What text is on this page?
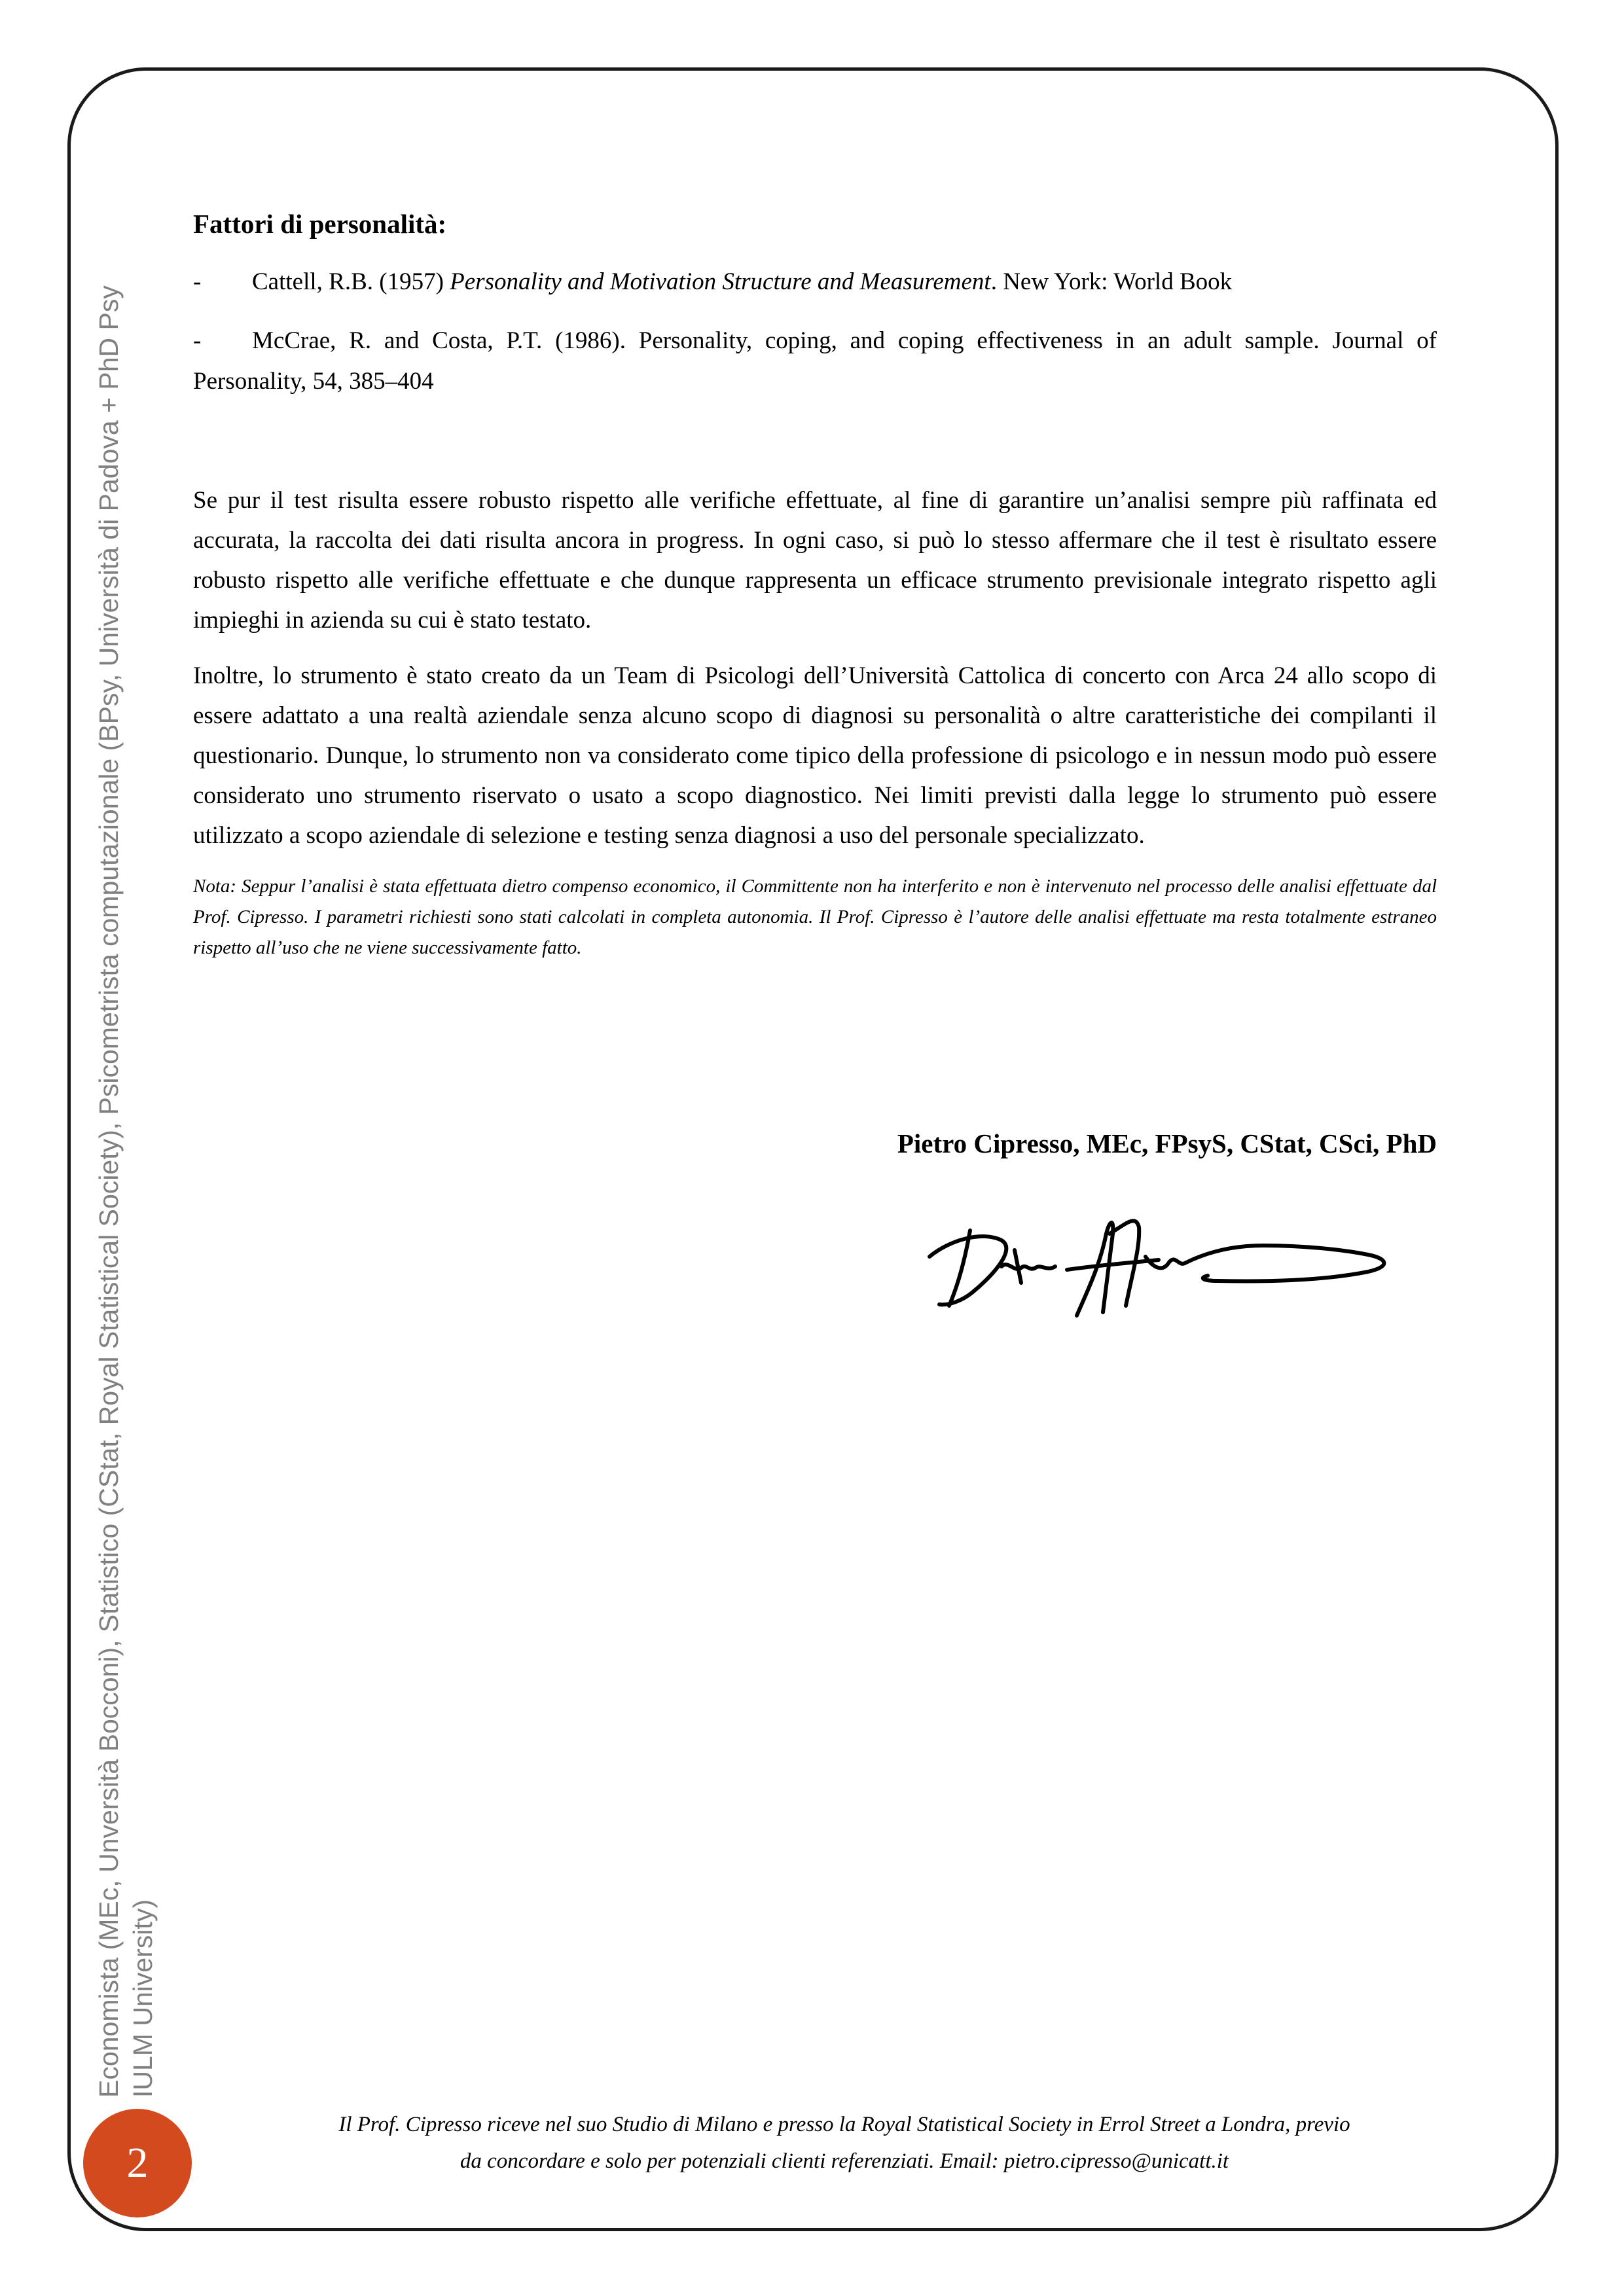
Economista (MEc, Unversità Bocconi), Statistico (CStat, Royal Statistical Society), Psicometrista computazionale (BPsy, Università di Padova + PhD Psy IULM University)

Fattori di personalità:

- Cattell, R.B. (1957) Personality and Motivation Structure and Measurement. New York: World Book

- McCrae, R. and Costa, P.T. (1986). Personality, coping, and coping effectiveness in an adult sample. Journal of Personality, 54, 385–404

Se pur il test risulta essere robusto rispetto alle verifiche effettuate, al fine di garantire un’analisi sempre più raffinata ed accurata, la raccolta dei dati risulta ancora in progress. In ogni caso, si può lo stesso affermare che il test è risultato essere robusto rispetto alle verifiche effettuate e che dunque rappresenta un efficace strumento previsionale integrato rispetto agli impieghi in azienda su cui è stato testato.

Inoltre, lo strumento è stato creato da un Team di Psicologi dell’Università Cattolica di concerto con Arca 24 allo scopo di essere adattato a una realtà aziendale senza alcuno scopo di diagnosi su personalità o altre caratteristiche dei compilanti il questionario. Dunque, lo strumento non va considerato come tipico della professione di psicologo e in nessun modo può essere considerato uno strumento riservato o usato a scopo diagnostico. Nei limiti previsti dalla legge lo strumento può essere utilizzato a scopo aziendale di selezione e testing senza diagnosi a uso del personale specializzato.

Nota: Seppur l’analisi è stata effettuata dietro compenso economico, il Committente non ha interferito e non è intervenuto nel processo delle analisi effettuate dal Prof. Cipresso. I parametri richiesti sono stati calcolati in completa autonomia. Il Prof. Cipresso è l’autore delle analisi effettuate ma resta totalmente estraneo rispetto all’uso che ne viene successivamente fatto.

Pietro Cipresso, MEc, FPsyS, CStat, CSci, PhD
Il Prof. Cipresso riceve nel suo Studio di Milano e presso la Royal Statistical Society in Errol Street a Londra, previo
da concordare e solo per potenziali clienti referenziati. Email: pietro.cipresso@unicatt.it
2
